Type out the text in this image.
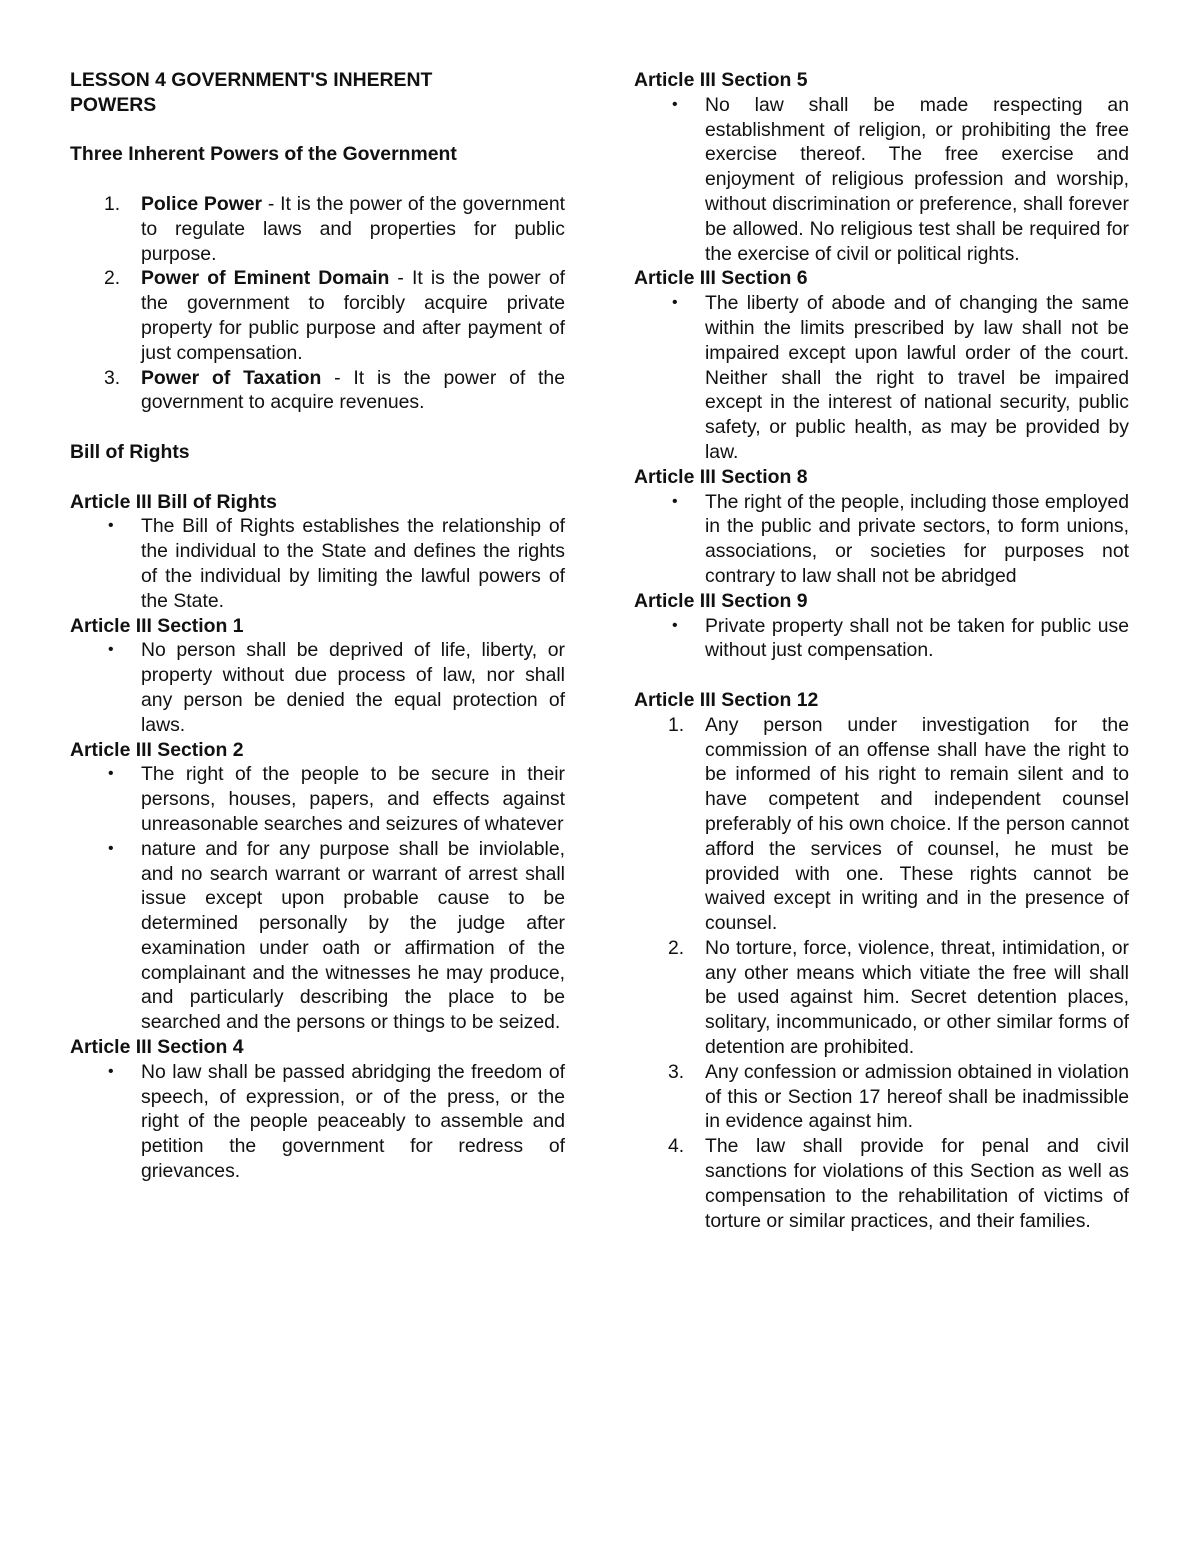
LESSON 4 GOVERNMENT'S INHERENT
POWERS
Three Inherent Powers of the Government
1.	Police Power - It is the power of the government to regulate laws and properties for public purpose.
2.	Power of Eminent Domain - It is the power of the government to forcibly acquire private property for public purpose and after payment of just compensation.
3.	Power of Taxation - It is the power of the government to acquire revenues.
Bill of Rights
Article III Bill of Rights
•	The Bill of Rights establishes the relationship of the individual to the State and defines the rights of the individual by limiting the lawful powers of the State.
Article III Section 1
•	No person shall be deprived of life, liberty, or property without due process of law, nor shall any person be denied the equal protection of laws.
Article III Section 2
•	The right of the people to be secure in their persons, houses, papers, and effects against unreasonable searches and seizures of whatever
•	nature and for any purpose shall be inviolable, and no search warrant or warrant of arrest shall issue except upon probable cause to be determined personally by the judge after examination under oath or affirmation of the complainant and the witnesses he may produce, and particularly describing the place to be searched and the persons or things to be seized.
Article III Section 4
•	No law shall be passed abridging the freedom of speech, of expression, or of the press, or the right of the people peaceably to assemble and petition the government for redress of grievances.
Article III Section 5
•	No law shall be made respecting an establishment of religion, or prohibiting the free exercise thereof. The free exercise and enjoyment of religious profession and worship, without discrimination or preference, shall forever be allowed. No religious test shall be required for the exercise of civil or political rights.
Article III Section 6
•	The liberty of abode and of changing the same within the limits prescribed by law shall not be impaired except upon lawful order of the court. Neither shall the right to travel be impaired except in the interest of national security, public safety, or public health, as may be provided by law.
Article III Section 8
•	The right of the people, including those employed in the public and private sectors, to form unions, associations, or societies for purposes not contrary to law shall not be abridged
Article III Section 9
•	Private property shall not be taken for public use without just compensation.
Article III Section 12
1.	Any person under investigation for the commission of an offense shall have the right to be informed of his right to remain silent and to have competent and independent counsel preferably of his own choice. If the person cannot afford the services of counsel, he must be provided with one. These rights cannot be waived except in writing and in the presence of counsel.
2.	No torture, force, violence, threat, intimidation, or any other means which vitiate the free will shall be used against him. Secret detention places, solitary, incommunicado, or other similar forms of detention are prohibited.
3.	Any confession or admission obtained in violation of this or Section 17 hereof shall be inadmissible in evidence against him.
4.	The law shall provide for penal and civil sanctions for violations of this Section as well as compensation to the rehabilitation of victims of torture or similar practices, and their families.
